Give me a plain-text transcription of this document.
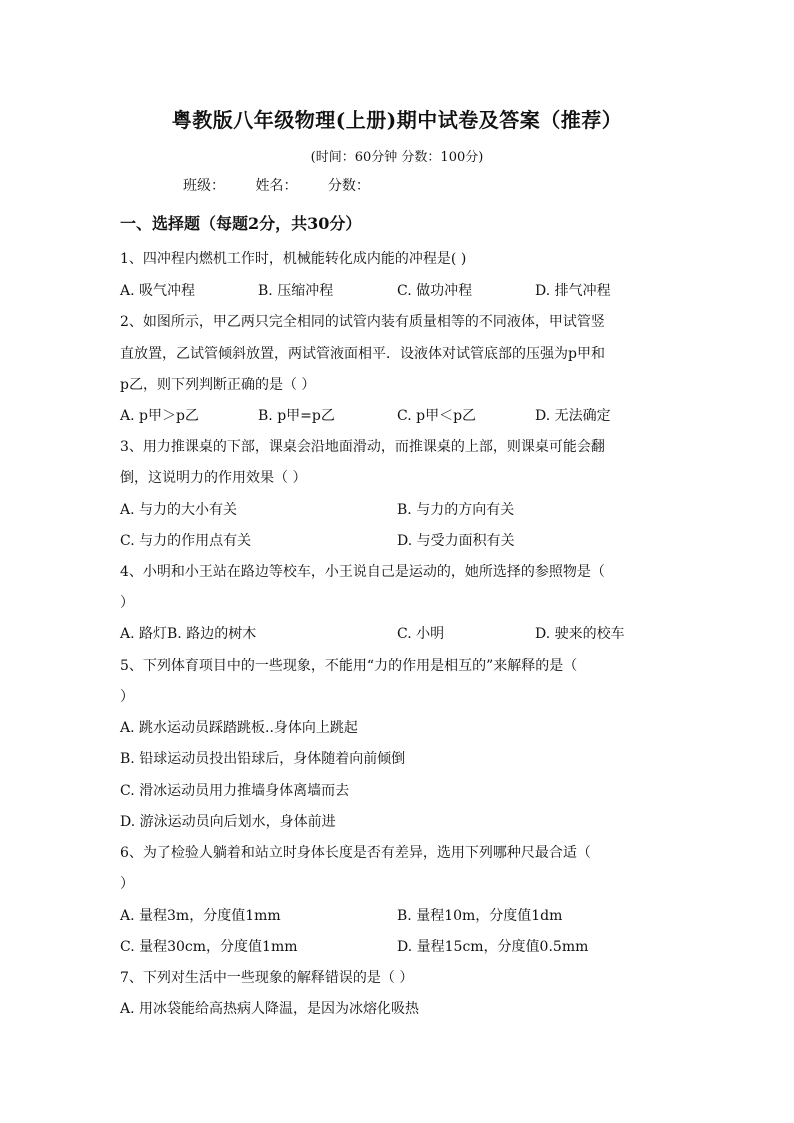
粤教版八年级物理(上册)期中试卷及答案（推荐）
(时间：60分钟 分数：100分)
班级： 姓名： 分数：
一、选择题（每题2分，共30分）
1、四冲程内燃机工作时，机械能转化成内能的冲程是( )
A. 吸气冲程	B. 压缩冲程	C. 做功冲程	D. 排气冲程
2、如图所示，甲乙两只完全相同的试管内装有质量相等的不同液体，甲试管竖
直放置，乙试管倾斜放置，两试管液面相平．设液体对试管底部的压强为p甲和
p乙，则下列判断正确的是（ ）
A. p甲＞p乙	B. p甲=p乙	C. p甲＜p乙	D. 无法确定
3、用力推课桌的下部，课桌会沿地面滑动，而推课桌的上部，则课桌可能会翻
倒，这说明力的作用效果（ ）
A. 与力的大小有关	B. 与力的方向有关
C. 与力的作用点有关	D. 与受力面积有关
4、小明和小王站在路边等校车，小王说自己是运动的，她所选择的参照物是（
）
A. 路灯B. 路边的树木	C. 小明	D. 驶来的校车
5、下列体育项目中的一些现象，不能用“力的作用是相互的”来解释的是（
）
A. 跳水运动员踩踏跳板..身体向上跳起
B. 铅球运动员投出铅球后，身体随着向前倾倒
C. 滑冰运动员用力推墙身体离墙而去
D. 游泳运动员向后划水，身体前进
6、为了检验人躺着和站立时身体长度是否有差异，选用下列哪种尺最合适（
）
A. 量程3m，分度值1mm	B. 量程10m，分度值1dm
C. 量程30cm，分度值1mm	D. 量程15cm，分度值0.5mm
7、下列对生活中一些现象的解释错误的是（ ）
A. 用冰袋能给高热病人降温，是因为冰熔化吸热
